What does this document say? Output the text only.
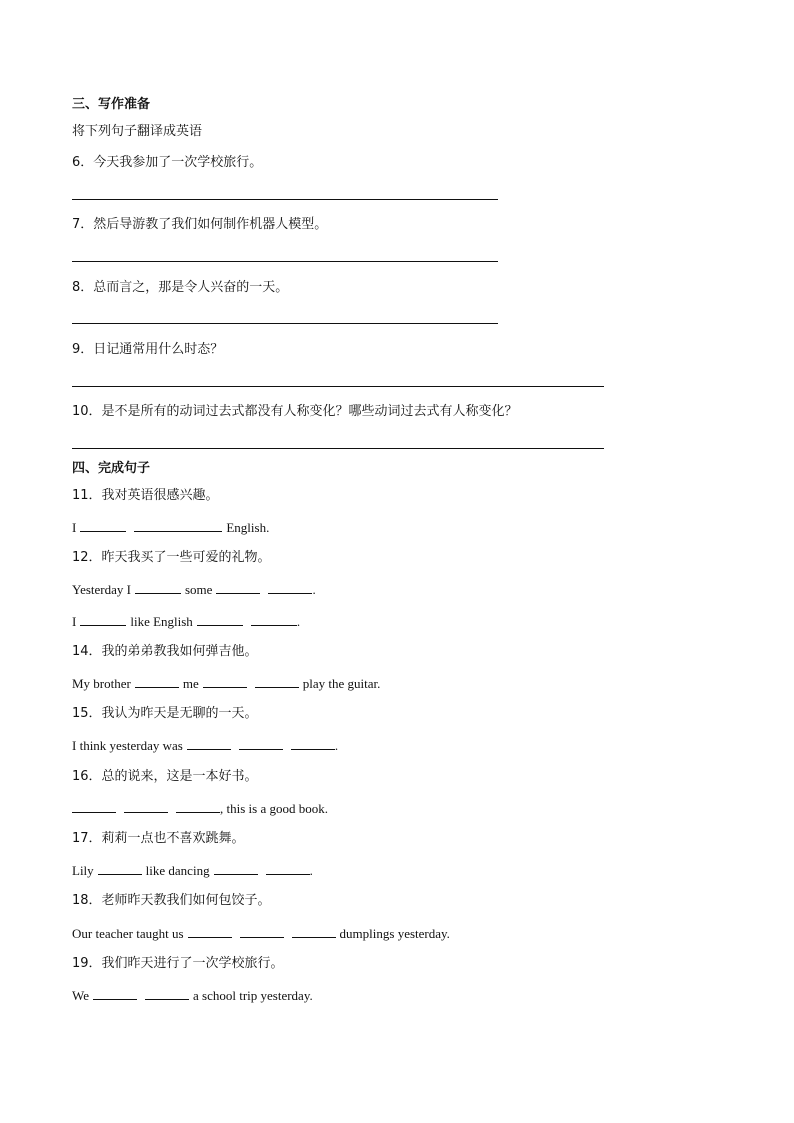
三、写作准备
将下列句子翻译成英语
6．今天我参加了一次学校旅行。
7．然后导游教了我们如何制作机器人模型。
8．总而言之，那是令人兴奋的一天。
9．日记通常用什么时态？
10．是不是所有的动词过去式都没有人称变化？哪些动词过去式有人称变化？
四、完成句子
11．我对英语很感兴趣。
I	English.
12．昨天我买了一些可爱的礼物。
Yesterday I	some	.
I	like English	.
14．我的弟弟教我如何弹吉他。
My brother	me	play the guitar.
15．我认为昨天是无聊的一天。
I think yesterday was	.
16．总的说来，这是一本好书。
, this is a good book.
17．莉莉一点也不喜欢跳舞。
Lily	like dancing	.
18．老师昨天教我们如何包饺子。
Our teacher taught us	dumplings yesterday.
19．我们昨天进行了一次学校旅行。
We	a school trip yesterday.
